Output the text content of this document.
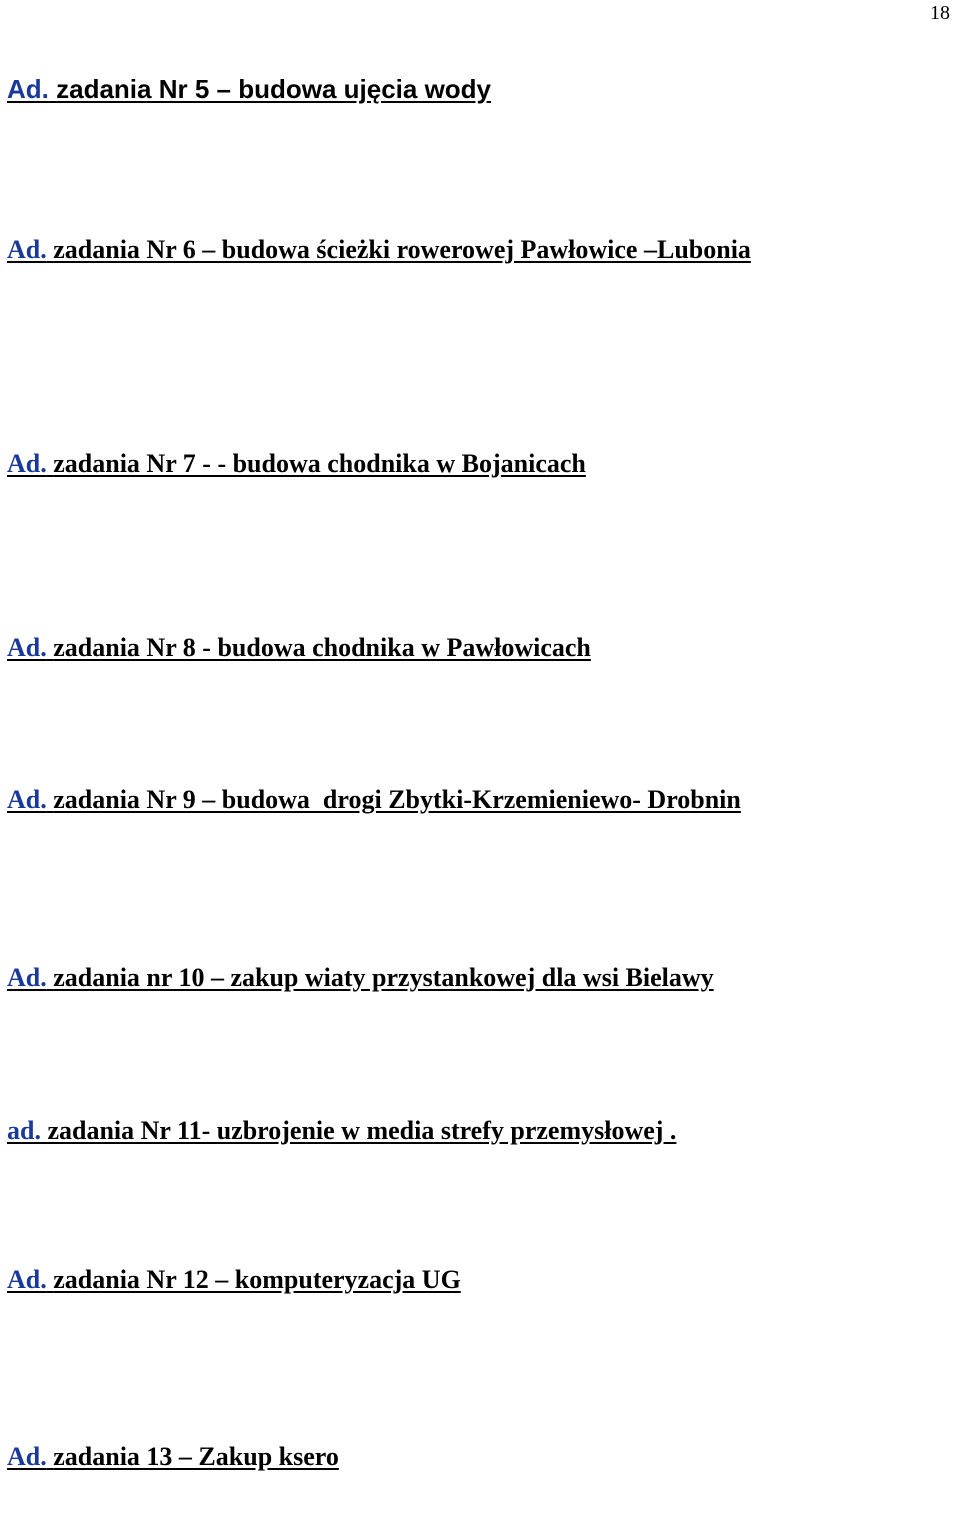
18
Ad. zadania Nr 5 – budowa ujęcia wody
Ad. zadania Nr 6 – budowa ścieżki rowerowej Pawłowice –Lubonia
Ad. zadania Nr 7 - - budowa chodnika w Bojanicach
Ad. zadania Nr 8 - budowa chodnika w Pawłowicach
Ad. zadania Nr 9 – budowa  drogi Zbytki-Krzemieniewo- Drobnin
Ad. zadania nr 10 – zakup wiaty przystankowej dla wsi Bielawy
ad. zadania Nr 11- uzbrojenie w media strefy przemysłowej .
Ad. zadania Nr 12 – komputeryzacja UG
Ad. zadania 13 – Zakup ksero
